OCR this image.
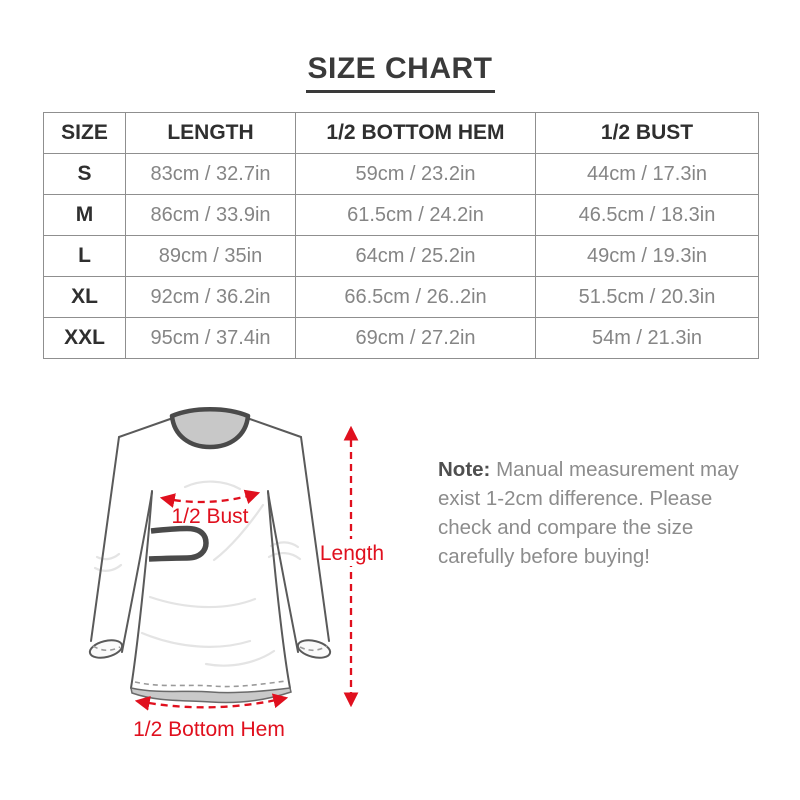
SIZE CHART
SIZE	LENGTH	1/2 BOTTOM HEM	1/2 BUST
S	83cm / 32.7in	59cm / 23.2in	44cm / 17.3in
M	86cm / 33.9in	61.5cm / 24.2in	46.5cm / 18.3in
L	89cm / 35in	64cm / 25.2in	49cm / 19.3in
XL	92cm / 36.2in	66.5cm / 26..2in	51.5cm / 20.3in
XXL	95cm / 37.4in	69cm / 27.2in	54m / 21.3in
1/2 Bust
Length
1/2 Bottom Hem
Note: Manual measurement may exist 1-2cm difference. Please check and compare the size carefully before buying!
